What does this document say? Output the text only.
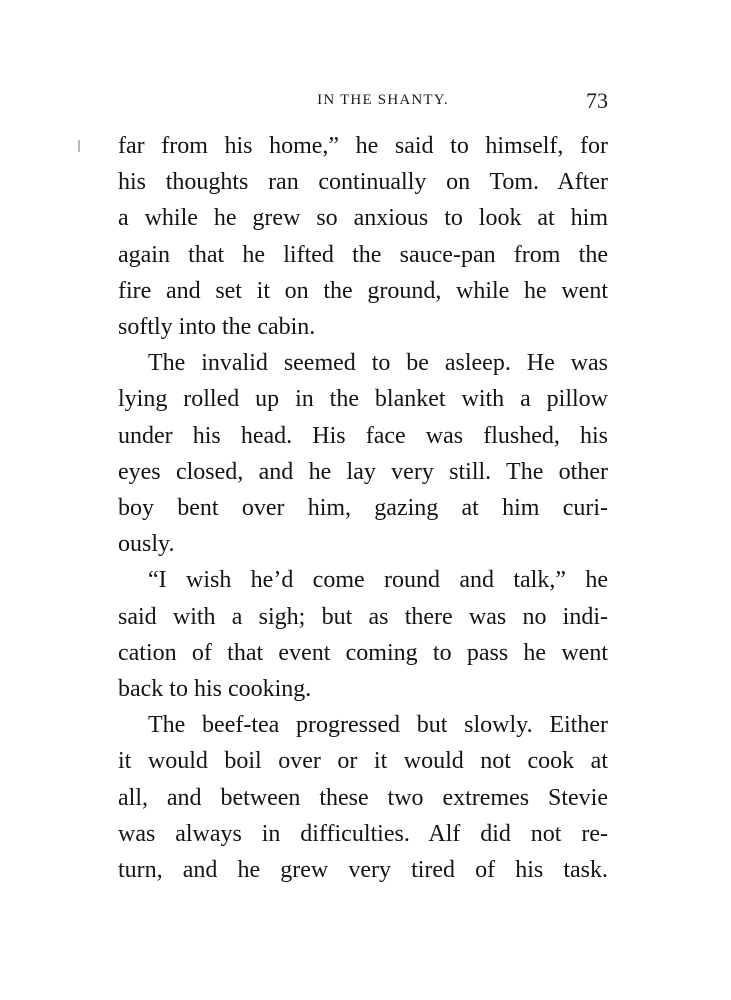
IN THE SHANTY.	73

far from his home,” he said to himself, for
his thoughts ran continually on Tom. After
a while he grew so anxious to look at him
again that he lifted the sauce-pan from the
fire and set it on the ground, while he went
softly into the cabin.

The invalid seemed to be asleep. He was
lying rolled up in the blanket with a pillow
under his head. His face was flushed, his
eyes closed, and he lay very still. The other
boy bent over him, gazing at him curi-
ously.

“I wish he’d come round and talk,” he
said with a sigh; but as there was no indi-
cation of that event coming to pass he went
back to his cooking.

The beef-tea progressed but slowly. Either
it would boil over or it would not cook at
all, and between these two extremes Stevie
was always in difficulties. Alf did not re-
turn, and he grew very tired of his task.
